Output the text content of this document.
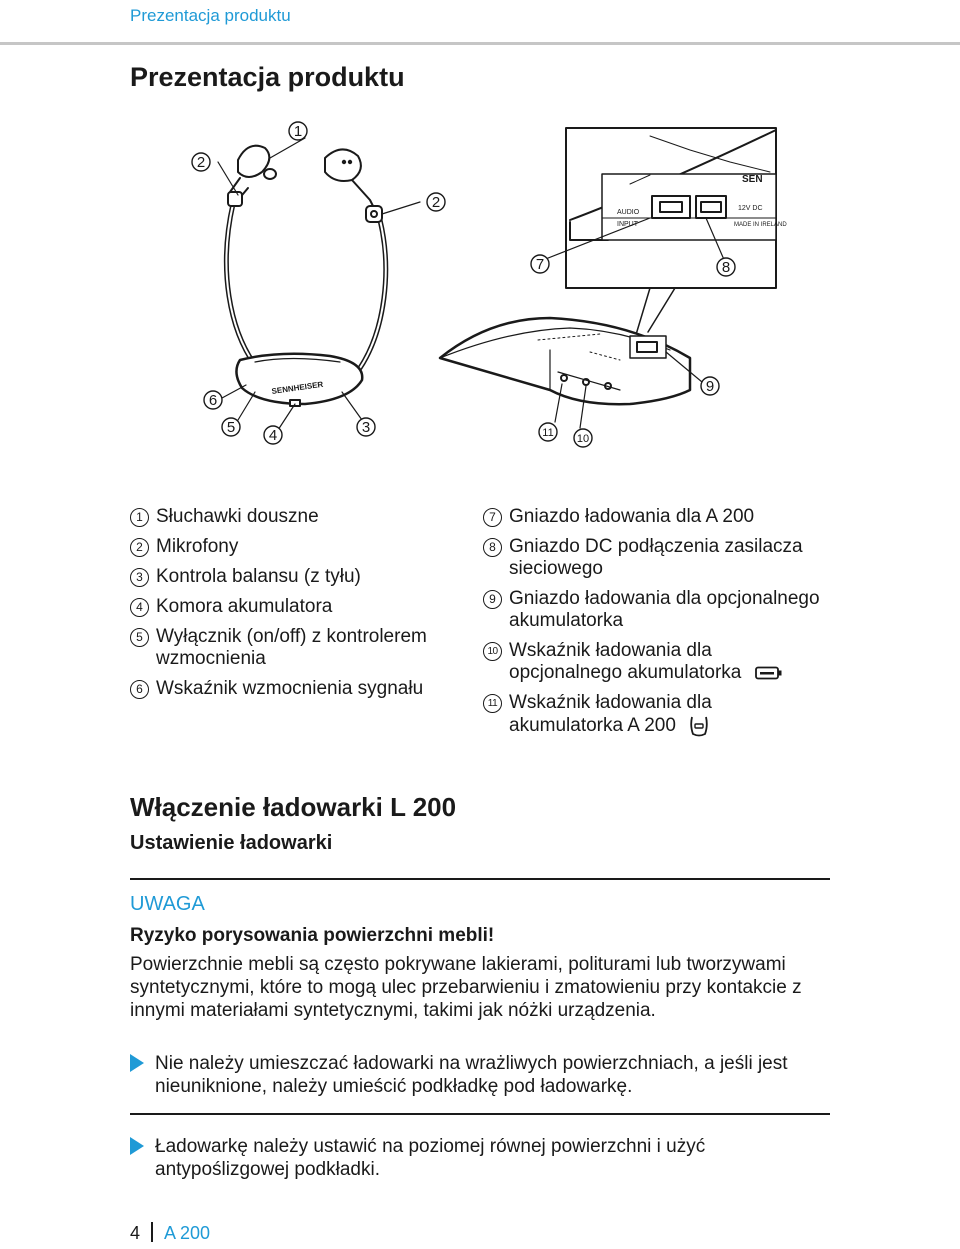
Prezentacja produktu
Prezentacja produktu
AUDIO
INPUT
12V DC
MADE IN IRELAND
SEN
SENNHEISER
1
2
2
6
5 4	3
7	8
9
11 10
1 Słuchawki douszne
2 Mikrofony
3 Kontrola balansu (z tyłu)
4 Komora akumulatora
5 Wyłącznik (on/off) z kontrolerem wzmocnienia
6 Wskaźnik wzmocnienia sygnału
7 Gniazdo ładowania dla A 200
8 Gniazdo DC podłączenia zasilacza sieciowego
9 Gniazdo ładowania dla opcjonalnego akumulatorka
10 Wskaźnik ładowania dla opcjonalnego akumulatorka
11 Wskaźnik ładowania dla akumulatorka A 200
Włączenie ładowarki L 200
Ustawienie ładowarki
UWAGA
Ryzyko porysowania powierzchni mebli!
Powierzchnie mebli są często pokrywane lakierami, politurami lub tworzywami syntetycznymi, które to mogą ulec przebarwieniu i zmatowieniu przy kontakcie z innymi materiałami syntetycznymi, takimi jak nóżki urządzenia.
Nie należy umieszczać ładowarki na wrażliwych powierzchniach, a jeśli jest nieuniknione, należy umieścić podkładkę pod ładowarkę.
Ładowarkę należy ustawić na poziomej równej powierzchni i użyć antypoślizgowej podkładki.
4 A 200
